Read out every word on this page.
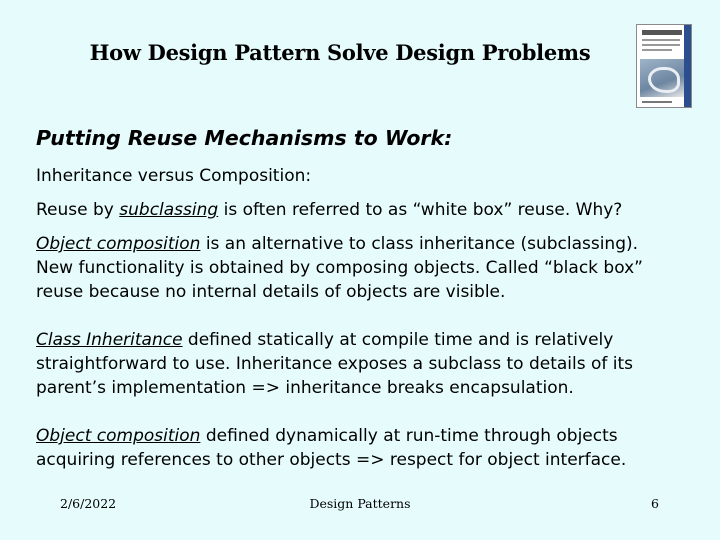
How Design Pattern Solve Design Problems
Putting Reuse Mechanisms to Work:
Inheritance versus Composition:
Reuse by subclassing is often referred to as “white box” reuse. Why?
Object composition is an alternative to class inheritance (subclassing).
New functionality is obtained by composing objects. Called “black box”
reuse because no internal details of objects are visible.
Class Inheritance defined statically at compile time and is relatively
straightforward to use. Inheritance exposes a subclass to details of its
parent’s implementation => inheritance breaks encapsulation.
Object composition defined dynamically at run-time through objects
acquiring references to other objects => respect for object interface.
2/6/2022	Design Patterns	6
